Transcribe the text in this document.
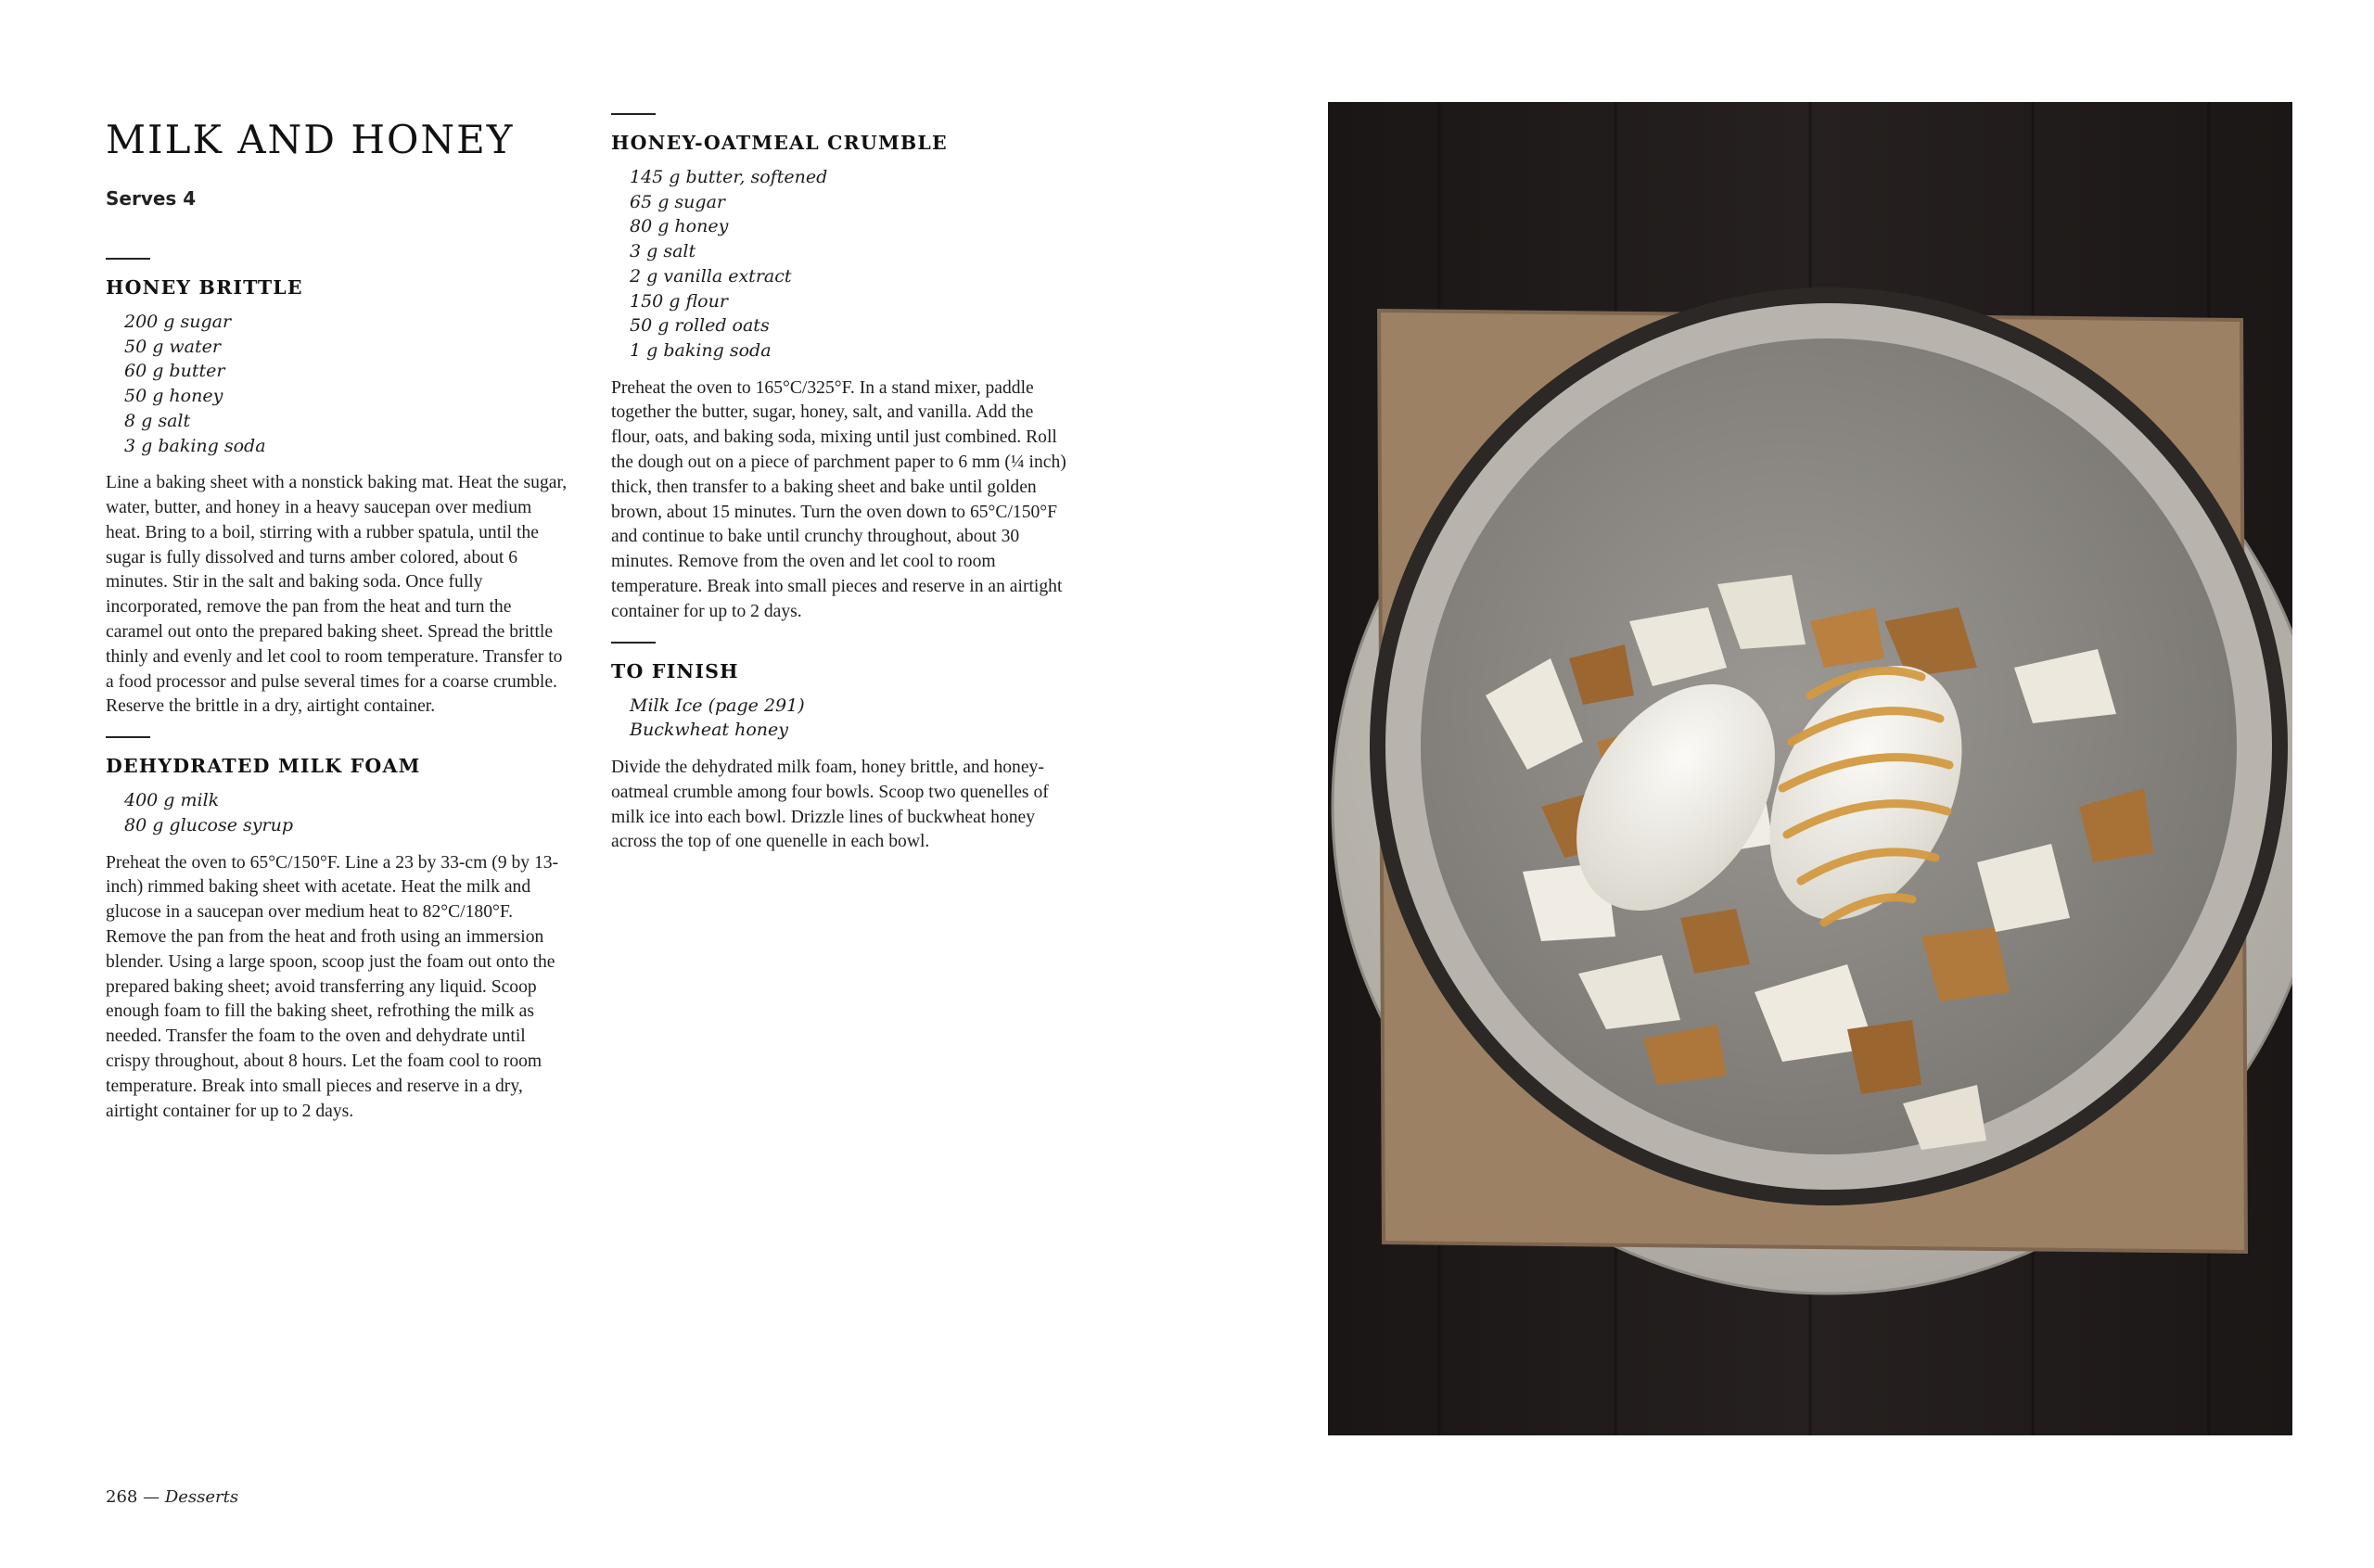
MILK AND HONEY
Serves 4
HONEY BRITTLE
200 g sugar
50 g water
60 g butter
50 g honey
8 g salt
3 g baking soda

Line a baking sheet with a nonstick baking mat. Heat the sugar, water, butter, and honey in a heavy saucepan over medium heat. Bring to a boil, stirring with a rubber spatula, until the sugar is fully dissolved and turns amber colored, about 6 minutes. Stir in the salt and baking soda. Once fully incorporated, remove the pan from the heat and turn the caramel out onto the prepared baking sheet. Spread the brittle thinly and evenly and let cool to room temperature. Transfer to a food processor and pulse several times for a coarse crumble. Reserve the brittle in a dry, airtight container.

DEHYDRATED MILK FOAM
400 g milk
80 g glucose syrup

Preheat the oven to 65°C/150°F. Line a 23 by 33-cm (9 by 13-inch) rimmed baking sheet with acetate. Heat the milk and glucose in a saucepan over medium heat to 82°C/180°F. Remove the pan from the heat and froth using an immersion blender. Using a large spoon, scoop just the foam out onto the prepared baking sheet; avoid transferring any liquid. Scoop enough foam to fill the baking sheet, refrothing the milk as needed. Transfer the foam to the oven and dehydrate until crispy throughout, about 8 hours. Let the foam cool to room temperature. Break into small pieces and reserve in a dry, airtight container for up to 2 days.

HONEY-OATMEAL CRUMBLE
145 g butter, softened
65 g sugar
80 g honey
3 g salt
2 g vanilla extract
150 g flour
50 g rolled oats
1 g baking soda

Preheat the oven to 165°C/325°F. In a stand mixer, paddle together the butter, sugar, honey, salt, and vanilla. Add the flour, oats, and baking soda, mixing until just combined. Roll the dough out on a piece of parchment paper to 6 mm (¼ inch) thick, then transfer to a baking sheet and bake until golden brown, about 15 minutes. Turn the oven down to 65°C/150°F and continue to bake until crunchy throughout, about 30 minutes. Remove from the oven and let cool to room temperature. Break into small pieces and reserve in an airtight container for up to 2 days.

TO FINISH
Milk Ice (page 291)
Buckwheat honey

Divide the dehydrated milk foam, honey brittle, and honey-oatmeal crumble among four bowls. Scoop two quenelles of milk ice into each bowl. Drizzle lines of buckwheat honey across the top of one quenelle in each bowl.

268 — Desserts
